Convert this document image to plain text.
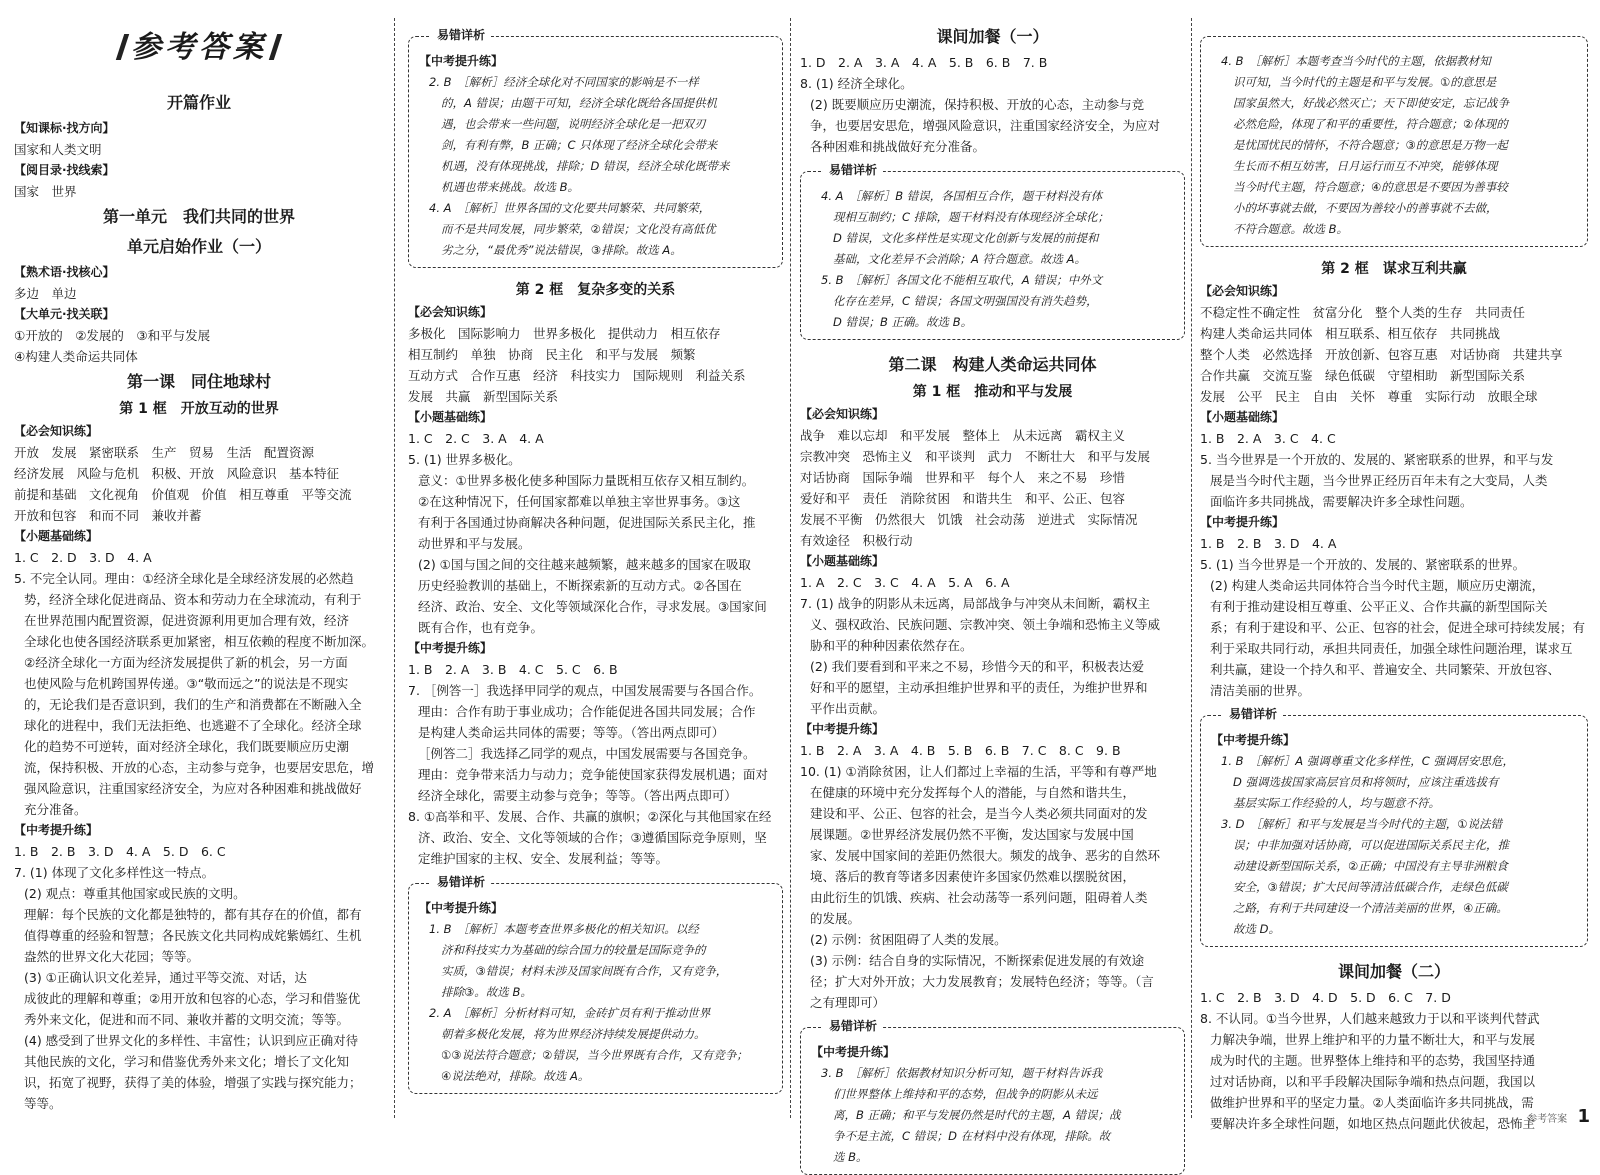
参考答案
开篇作业
【知课标·找方向】
国家和人类文明
【阅目录·找线索】
国家　世界
第一单元　我们共同的世界
单元启始作业（一）
【熟术语·找核心】
多边　单边
【大单元·找关联】
①开放的　②发展的　③和平与发展
④构建人类命运共同体
第一课　同住地球村
第 1 框　开放互动的世界
【必会知识练】
开放　发展　紧密联系　生产　贸易　生活　配置资源
经济发展　风险与危机　积极、开放　风险意识　基本特征
前提和基础　文化视角　价值观　价值　相互尊重　平等交流
开放和包容　和而不同　兼收并蓄
【小题基础练】
1. C　2. D　3. D　4. A
5. 不完全认同。理由：①经济全球化是全球经济发展的必然趋
势，经济全球化促进商品、资本和劳动力在全球流动，有利于
在世界范围内配置资源，促进资源利用更加合理有效，经济
全球化也使各国经济联系更加紧密，相互依赖的程度不断加深。
②经济全球化一方面为经济发展提供了新的机会，另一方面
也使风险与危机跨国界传递。③“敬而远之”的说法是不现实
的，无论我们是否意识到，我们的生产和消费都在不断融入全
球化的进程中，我们无法拒绝、也逃避不了全球化。经济全球
化的趋势不可逆转，面对经济全球化，我们既要顺应历史潮
流，保持积极、开放的心态，主动参与竞争，也要居安思危，增
强风险意识，注重国家经济安全，为应对各种困难和挑战做好
充分准备。
【中考提升练】
1. B　2. B　3. D　4. A　5. D　6. C
7. (1) 体现了文化多样性这一特点。
(2) 观点：尊重其他国家或民族的文明。
理解：每个民族的文化都是独特的，都有其存在的价值，都有
值得尊重的经验和智慧；各民族文化共同构成姹紫嫣红、生机
盎然的世界文化大花园；等等。
(3) ①正确认识文化差异，通过平等交流、对话，达
成彼此的理解和尊重；②用开放和包容的心态，学习和借鉴优
秀外来文化，促进和而不同、兼收并蓄的文明交流；等等。
(4) 感受到了世界文化的多样性、丰富性；认识到应正确对待
其他民族的文化，学习和借鉴优秀外来文化；增长了文化知
识，拓宽了视野，获得了美的体验，增强了实践与探究能力；
等等。
易错详析
【中考提升练】
2. B　［解析］经济全球化对不同国家的影响是不一样
的，A 错误；由题干可知，经济全球化既给各国提供机
遇，也会带来一些问题，说明经济全球化是一把双刃
剑，有利有弊，B 正确；C 只体现了经济全球化会带来
机遇，没有体现挑战，排除；D 错误，经济全球化既带来
机遇也带来挑战。故选 B。
4. A　［解析］世界各国的文化要共同繁荣、共同繁荣，
而不是共同发展，同步繁荣，②错误；文化没有高低优
劣之分，“最优秀”说法错误，③排除。故选 A。
第 2 框　复杂多变的关系
【必会知识练】
多极化　国际影响力　世界多极化　提供动力　相互依存
相互制约　单独　协商　民主化　和平与发展　频繁
互动方式　合作互惠　经济　科技实力　国际规则　利益关系
发展　共赢　新型国际关系
【小题基础练】
1. C　2. C　3. A　4. A
5. (1) 世界多极化。
意义：①世界多极化使多种国际力量既相互依存又相互制约。
②在这种情况下，任何国家都难以单独主宰世界事务。③这
有利于各国通过协商解决各种问题，促进国际关系民主化，推
动世界和平与发展。
(2) ①国与国之间的交往越来越频繁，越来越多的国家在吸取
历史经验教训的基础上，不断探索新的互动方式。②各国在
经济、政治、安全、文化等领域深化合作，寻求发展。③国家间
既有合作，也有竞争。
【中考提升练】
1. B　2. A　3. B　4. C　5. C　6. B
7. ［例答一］我选择甲同学的观点，中国发展需要与各国合作。
理由：合作有助于事业成功；合作能促进各国共同发展；合作
是构建人类命运共同体的需要；等等。（答出两点即可）
［例答二］我选择乙同学的观点，中国发展需要与各国竞争。
理由：竞争带来活力与动力；竞争能使国家获得发展机遇；面对
经济全球化，需要主动参与竞争；等等。（答出两点即可）
8. ①高举和平、发展、合作、共赢的旗帜；②深化与其他国家在经
济、政治、安全、文化等领域的合作；③遵循国际竞争原则，坚
定维护国家的主权、安全、发展利益；等等。
易错详析
【中考提升练】
1. B　［解析］本题考查世界多极化的相关知识。以经
济和科技实力为基础的综合国力的较量是国际竞争的
实质，③错误；材料未涉及国家间既有合作，又有竞争，
排除③。故选 B。
2. A　［解析］分析材料可知，金砖扩员有利于推动世界
朝着多极化发展，将为世界经济持续发展提供动力。
①③说法符合题意；②错误，当今世界既有合作，又有竞争；
④说法绝对，排除。故选 A。
课间加餐（一）
1. D　2. A　3. A　4. A　5. B　6. B　7. B
8. (1) 经济全球化。
(2) 既要顺应历史潮流，保持积极、开放的心态，主动参与竞
争，也要居安思危，增强风险意识，注重国家经济安全，为应对
各种困难和挑战做好充分准备。
易错详析
4. A　［解析］B 错误，各国相互合作，题干材料没有体
现相互制约；C 排除，题干材料没有体现经济全球化；
D 错误，文化多样性是实现文化创新与发展的前提和
基础，文化差异不会消除；A 符合题意。故选 A。
5. B　［解析］各国文化不能相互取代，A 错误；中外文
化存在差异，C 错误；各国文明强国没有消失趋势，
D 错误；B 正确。故选 B。
第二课　构建人类命运共同体
第 1 框　推动和平与发展
【必会知识练】
战争　难以忘却　和平发展　整体上　从未远离　霸权主义
宗教冲突　恐怖主义　和平谈判　武力　不断壮大　和平与发展
对话协商　国际争端　世界和平　每个人　来之不易　珍惜
爱好和平　责任　消除贫困　和谐共生　和平、公正、包容
发展不平衡　仍然很大　饥饿　社会动荡　逆进式　实际情况
有效途径　积极行动
【小题基础练】
1. A　2. C　3. C　4. A　5. A　6. A
7. (1) 战争的阴影从未远离，局部战争与冲突从未间断，霸权主
义、强权政治、民族问题、宗教冲突、领土争端和恐怖主义等威
胁和平的种种因素依然存在。
(2) 我们要看到和平来之不易，珍惜今天的和平，积极表达爱
好和平的愿望，主动承担维护世界和平的责任，为维护世界和
平作出贡献。
【中考提升练】
1. B　2. A　3. A　4. B　5. B　6. B　7. C　8. C　9. B
10. (1) ①消除贫困，让人们都过上幸福的生活，平等和有尊严地
在健康的环境中充分发挥每个人的潜能，与自然和谐共生，
建设和平、公正、包容的社会，是当今人类必须共同面对的发
展课题。②世界经济发展仍然不平衡，发达国家与发展中国
家、发展中国家间的差距仍然很大。频发的战争、恶劣的自然环
境、落后的教育等诸多因素使许多国家仍然难以摆脱贫困，
由此衍生的饥饿、疾病、社会动荡等一系列问题，阻碍着人类
的发展。
(2) 示例：贫困阻碍了人类的发展。
(3) 示例：结合自身的实际情况，不断探索促进发展的有效途
径；扩大对外开放；大力发展教育；发展特色经济；等等。（言
之有理即可）
易错详析
【中考提升练】
3. B　［解析］依据教材知识分析可知，题干材料告诉我
们世界整体上维持和平的态势，但战争的阴影从未远
离，B 正确；和平与发展仍然是时代的主题，A 错误；战
争不是主流，C 错误；D 在材料中没有体现，排除。故
选 B。
4. B　［解析］本题考查当今时代的主题，依据教材知
识可知，当今时代的主题是和平与发展。①的意思是
国家虽然大，好战必然灭亡；天下即使安定，忘记战争
必然危险，体现了和平的重要性，符合题意；②体现的
是忧国忧民的情怀，不符合题意；③的意思是万物一起
生长而不相互妨害，日月运行而互不冲突，能够体现
当今时代主题，符合题意；④的意思是不要因为善事较
小的坏事就去做，不要因为善较小的善事就不去做，
不符合题意。故选 B。
第 2 框　谋求互利共赢
【必会知识练】
不稳定性不确定性　贫富分化　整个人类的生存　共同责任
构建人类命运共同体　相互联系、相互依存　共同挑战
整个人类　必然选择　开放创新、包容互惠　对话协商　共建共享
合作共赢　交流互鉴　绿色低碳　守望相助　新型国际关系
发展　公平　民主　自由　关怀　尊重　实际行动　放眼全球
【小题基础练】
1. B　2. A　3. C　4. C
5. 当今世界是一个开放的、发展的、紧密联系的世界，和平与发
展是当今时代主题，当今世界正经历百年未有之大变局，人类
面临许多共同挑战，需要解决许多全球性问题。
【中考提升练】
1. B　2. B　3. D　4. A
5. (1) 当今世界是一个开放的、发展的、紧密联系的世界。
(2) 构建人类命运共同体符合当今时代主题，顺应历史潮流，
有利于推动建设相互尊重、公平正义、合作共赢的新型国际关
系；有利于建设和平、公正、包容的社会，促进全球可持续发展；有
利于采取共同行动，承担共同责任，加强全球性问题治理，谋求互
利共赢，建设一个持久和平、普遍安全、共同繁荣、开放包容、
清洁美丽的世界。
易错详析
【中考提升练】
1. B　［解析］A 强调尊重文化多样性，C 强调居安思危，
D 强调选拔国家高层官员和将领时，应该注重选拔有
基层实际工作经验的人，均与题意不符。
3. D　［解析］和平与发展是当今时代的主题，①说法错
误；中非加强对话协商，可以促进国际关系民主化，推
动建设新型国际关系，②正确；中国没有主导非洲粮食
安全，③错误；扩大民间等清洁低碳合作，走绿色低碳
之路，有利于共同建设一个清洁美丽的世界，④正确。
故选 D。
课间加餐（二）
1. C　2. B　3. D　4. D　5. D　6. C　7. D
8. 不认同。①当今世界，人们越来越致力于以和平谈判代替武
力解决争端，世界上维护和平的力量不断壮大，和平与发展
成为时代的主题。世界整体上维持和平的态势，我国坚持通
过对话协商，以和平手段解决国际争端和热点问题，我国以
做维护世界和平的坚定力量。②人类面临许多共同挑战，需
要解决许多全球性问题，如地区热点问题此伏彼起，恐怖主
参考答案 1
